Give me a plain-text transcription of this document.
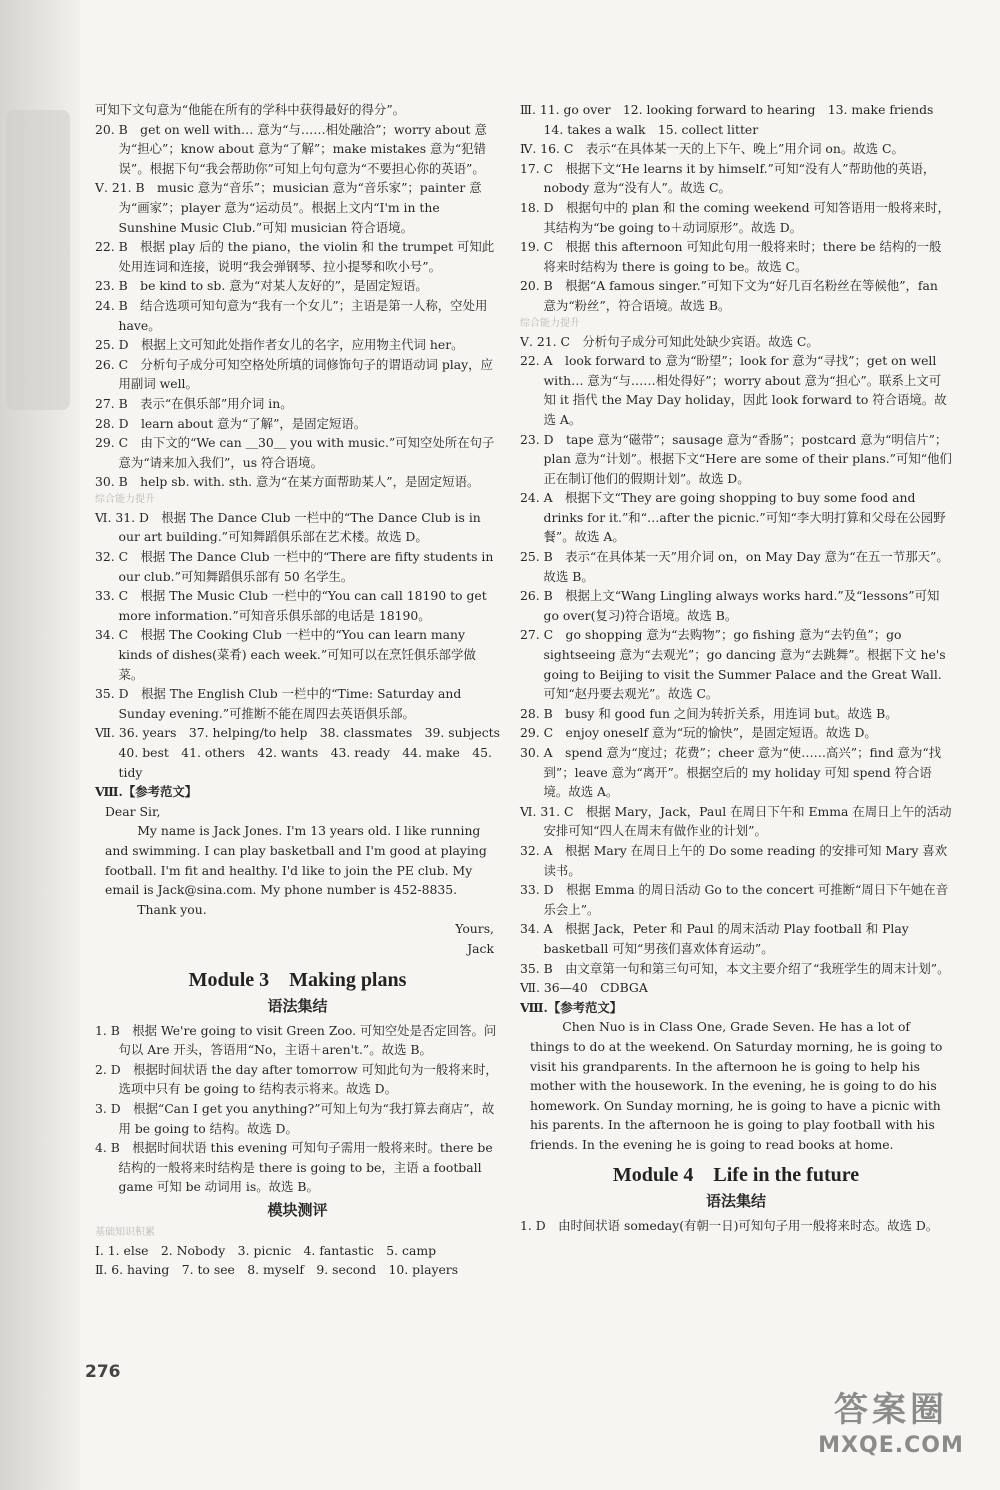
可知下文句意为“他能在所有的学科中获得最好的得分”。
20. B　get on well with… 意为“与……相处融洽”；worry about 意为“担心”；know about 意为“了解”；make mistakes 意为“犯错误”。根据下句“我会帮助你”可知上句句意为“不要担心你的英语”。
Ⅴ. 21. B　music 意为“音乐”；musician 意为“音乐家”；painter 意为“画家”；player 意为“运动员”。根据上文内“I'm in the Sunshine Music Club.”可知 musician 符合语境。
22. B　根据 play 后的 the piano，the violin 和 the trumpet 可知此处用连词和连接，说明“我会弹钢琴、拉小提琴和吹小号”。
23. B　be kind to sb. 意为“对某人友好的”，是固定短语。
24. B　结合选项可知句意为“我有一个女儿”；主语是第一人称，空处用 have。
25. D　根据上文可知此处指作者女儿的名字，应用物主代词 her。
26. C　分析句子成分可知空格处所填的词修饰句子的谓语动词 play，应用副词 well。
27. B　表示“在俱乐部”用介词 in。
28. D　learn about 意为“了解”，是固定短语。
29. C　由下文的“We can ＿30＿ you with music.”可知空处所在句子意为“请来加入我们”，us 符合语境。
30. B　help sb. with. sth. 意为“在某方面帮助某人”，是固定短语。
综合能力提升
Ⅵ. 31. D　根据 The Dance Club 一栏中的“The Dance Club is in our art building.”可知舞蹈俱乐部在艺术楼。故选 D。
32. C　根据 The Dance Club 一栏中的“There are fifty students in our club.”可知舞蹈俱乐部有 50 名学生。
33. C　根据 The Music Club 一栏中的“You can call 18190 to get more information.”可知音乐俱乐部的电话是 18190。
34. C　根据 The Cooking Club 一栏中的“You can learn many kinds of dishes(菜肴) each week.”可知可以在烹饪俱乐部学做菜。
35. D　根据 The English Club 一栏中的“Time: Saturday and Sunday evening.”可推断不能在周四去英语俱乐部。
Ⅶ. 36. years　37. helping/to help　38. classmates　39. subjects　40. best　41. others　42. wants　43. ready　44. make　45. tidy
Ⅷ.【参考范文】
Dear Sir,
My name is Jack Jones. I'm 13 years old. I like running and swimming. I can play basketball and I'm good at playing football. I'm fit and healthy. I'd like to join the PE club. My email is Jack@sina.com. My phone number is 452-8835.
Thank you.
Yours,
Jack
Module 3　Making plans
语法集结
1. B　根据 We're going to visit Green Zoo. 可知空处是否定回答。问句以 Are 开头，答语用“No，主语＋aren't.”。故选 B。
2. D　根据时间状语 the day after tomorrow 可知此句为一般将来时，选项中只有 be going to 结构表示将来。故选 D。
3. D　根据“Can I get you anything?”可知上句为“我打算去商店”，故用 be going to 结构。故选 D。
4. B　根据时间状语 this evening 可知句子需用一般将来时。there be 结构的一般将来时结构是 there is going to be，主语 a football game 可知 be 动词用 is。故选 B。
模块测评
基础知识积累
Ⅰ. 1. else　2. Nobody　3. picnic　4. fantastic　5. camp
Ⅱ. 6. having　7. to see　8. myself　9. second　10. players
Ⅲ. 11. go over　12. looking forward to hearing　13. make friends　14. takes a walk　15. collect litter
Ⅳ. 16. C　表示“在具体某一天的上下午、晚上”用介词 on。故选 C。
17. C　根据下文“He learns it by himself.”可知“没有人”帮助他的英语，nobody 意为“没有人”。故选 C。
18. D　根据句中的 plan 和 the coming weekend 可知答语用一般将来时，其结构为“be going to＋动词原形”。故选 D。
19. C　根据 this afternoon 可知此句用一般将来时；there be 结构的一般将来时结构为 there is going to be。故选 C。
20. B　根据“A famous singer.”可知下文为“好几百名粉丝在等候他”，fan 意为“粉丝”，符合语境。故选 B。
综合能力提升
Ⅴ. 21. C　分析句子成分可知此处缺少宾语。故选 C。
22. A　look forward to 意为“盼望”；look for 意为“寻找”；get on well with… 意为“与……相处得好”；worry about 意为“担心”。联系上文可知 it 指代 the May Day holiday，因此 look forward to 符合语境。故选 A。
23. D　tape 意为“磁带”；sausage 意为“香肠”；postcard 意为“明信片”；plan 意为“计划”。根据下文“Here are some of their plans.”可知“他们正在制订他们的假期计划”。故选 D。
24. A　根据下文“They are going shopping to buy some food and drinks for it.”和“…after the picnic.”可知“李大明打算和父母在公园野餐”。故选 A。
25. B　表示“在具体某一天”用介词 on，on May Day 意为“在五一节那天”。故选 B。
26. B　根据上文“Wang Lingling always works hard.”及“lessons”可知 go over(复习)符合语境。故选 B。
27. C　go shopping 意为“去购物”；go fishing 意为“去钓鱼”；go sightseeing 意为“去观光”；go dancing 意为“去跳舞”。根据下文 he's going to Beijing to visit the Summer Palace and the Great Wall. 可知“赵丹要去观光”。故选 C。
28. B　busy 和 good fun 之间为转折关系，用连词 but。故选 B。
29. C　enjoy oneself 意为“玩的愉快”，是固定短语。故选 D。
30. A　spend 意为“度过；花费”；cheer 意为“使……高兴”；find 意为“找到”；leave 意为“离开”。根据空后的 my holiday 可知 spend 符合语境。故选 A。
Ⅵ. 31. C　根据 Mary，Jack，Paul 在周日下午和 Emma 在周日上午的活动安排可知“四人在周末有做作业的计划”。
32. A　根据 Mary 在周日上午的 Do some reading 的安排可知 Mary 喜欢读书。
33. D　根据 Emma 的周日活动 Go to the concert 可推断“周日下午她在音乐会上”。
34. A　根据 Jack，Peter 和 Paul 的周末活动 Play football 和 Play basketball 可知“男孩们喜欢体育运动”。
35. B　由文章第一句和第三句可知，本文主要介绍了“我班学生的周末计划”。
Ⅶ. 36—40　CDBGA
Ⅷ.【参考范文】
Chen Nuo is in Class One, Grade Seven. He has a lot of things to do at the weekend. On Saturday morning, he is going to visit his grandparents. In the afternoon he is going to help his mother with the housework. In the evening, he is going to do his homework. On Sunday morning, he is going to have a picnic with his parents. In the afternoon he is going to play football with his friends. In the evening he is going to read books at home.
Module 4　Life in the future
语法集结
1. D　由时间状语 someday(有朝一日)可知句子用一般将来时态。故选 D。
276
答案圈
MXQE.COM
